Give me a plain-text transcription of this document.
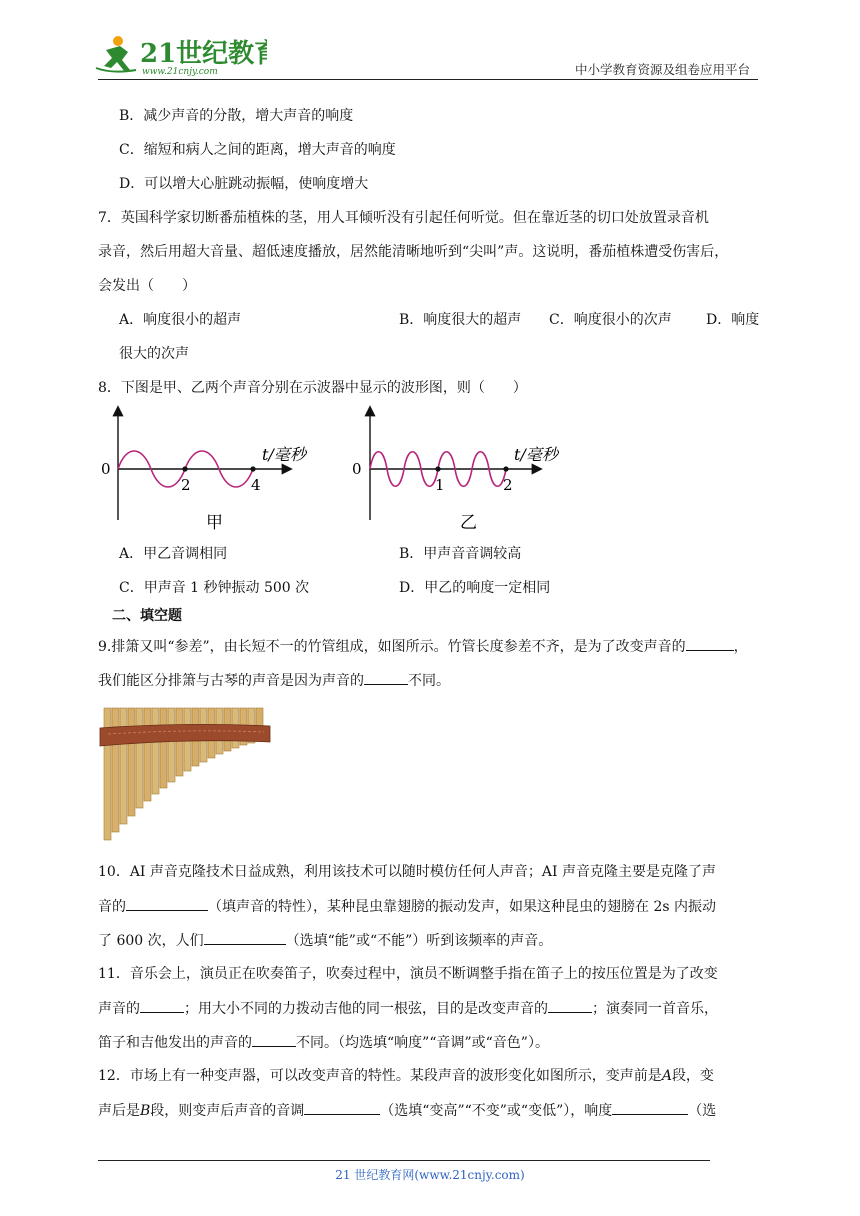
21世纪教育
www.21cnjy.com	中小学教育资源及组卷应用平台
B．减少声音的分散，增大声音的响度
C．缩短和病人之间的距离，增大声音的响度
D．可以增大心脏跳动振幅，使响度增大
7．英国科学家切断番茄植株的茎，用人耳倾听没有引起任何听觉。但在靠近茎的切口处放置录音机
录音，然后用超大音量、超低速度播放，居然能清晰地听到“尖叫”声。这说明，番茄植株遭受伤害后，
会发出（　　）
A．响度很小的超声	B．响度很大的超声 C．响度很小的次声 D．响度
很大的次声
8．下图是甲、乙两个声音分别在示波器中显示的波形图，则（　　）
0
2	4
t/毫秒
甲
0
1	2
t/毫秒
乙
A．甲乙音调相同	B．甲声音音调较高
C．甲声音 1 秒钟振动 500 次	D．甲乙的响度一定相同
二、填空题
9.排箫又叫“参差”，由长短不一的竹管组成，如图所示。竹管长度参差不齐，是为了改变声音的	，
我们能区分排箫与古琴的声音是因为声音的	不同。
10．AI 声音克隆技术日益成熟，利用该技术可以随时模仿任何人声音；AI 声音克隆主要是克隆了声
音的	（填声音的特性），某种昆虫靠翅膀的振动发声，如果这种昆虫的翅膀在 2s 内振动
了 600 次，人们	（选填“能”或“不能”）听到该频率的声音。
11．音乐会上，演员正在吹奏笛子，吹奏过程中，演员不断调整手指在笛子上的按压位置是为了改变
声音的	；用大小不同的力拨动吉他的同一根弦，目的是改变声音的	；演奏同一首音乐，
笛子和吉他发出的声音的	不同。（均选填“响度”“音调”或“音色”）。
12．市场上有一种变声器，可以改变声音的特性。某段声音的波形变化如图所示，变声前是A段，变
声后是B段，则变声后声音的音调	（选填“变高”“不变”或“变低”），响度	（选
21 世纪教育网(www.21cnjy.com)
